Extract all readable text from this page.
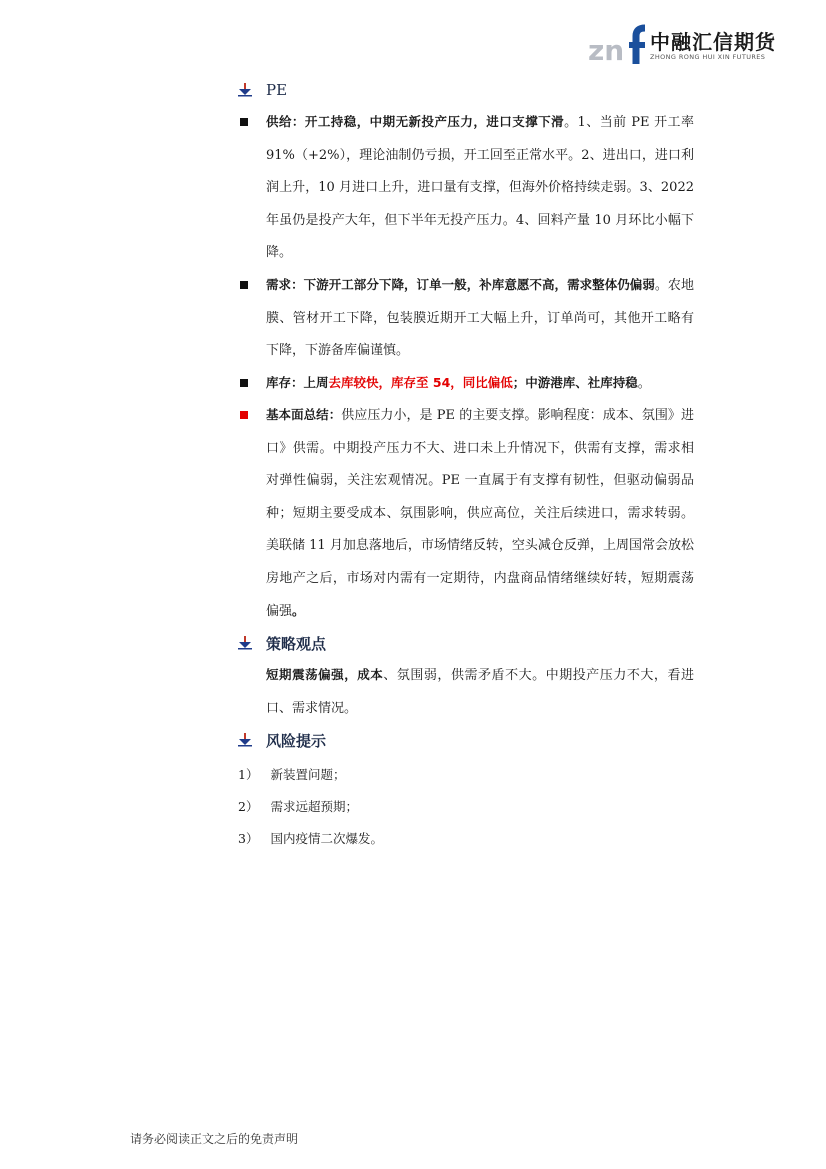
zn 中融汇信期货
ZHONG RONG HUI XIN FUTURES
PE

供给：开工持稳，中期无新投产压力，进口支撑下滑。1、当前 PE 开工率 91%（+2%），理论油制仍亏损，开工回至正常水平。2、进出口，进口利润上升，10 月进口上升，进口量有支撑，但海外价格持续走弱。3、2022 年虽仍是投产大年，但下半年无投产压力。4、回料产量 10 月环比小幅下降。

需求：下游开工部分下降，订单一般，补库意愿不高，需求整体仍偏弱。农地膜、管材开工下降，包装膜近期开工大幅上升，订单尚可，其他开工略有下降，下游备库偏谨慎。

库存：上周去库较快，库存至 54，同比偏低；中游港库、社库持稳。

基本面总结：供应压力小，是 PE 的主要支撑。影响程度：成本、氛围》进口》供需。中期投产压力不大、进口未上升情况下，供需有支撑，需求相对弹性偏弱，关注宏观情况。PE 一直属于有支撑有韧性，但驱动偏弱品种；短期主要受成本、氛围影响，供应高位，关注后续进口，需求转弱。美联储 11 月加息落地后，市场情绪反转，空头减仓反弹，上周国常会放松房地产之后，市场对内需有一定期待，内盘商品情绪继续好转，短期震荡偏强。

策略观点

短期震荡偏强，成本、氛围弱，供需矛盾不大。中期投产压力不大，看进口、需求情况。

风险提示
1） 新装置问题；
2） 需求远超预期；
3） 国内疫情二次爆发。
请务必阅读正文之后的免责声明
